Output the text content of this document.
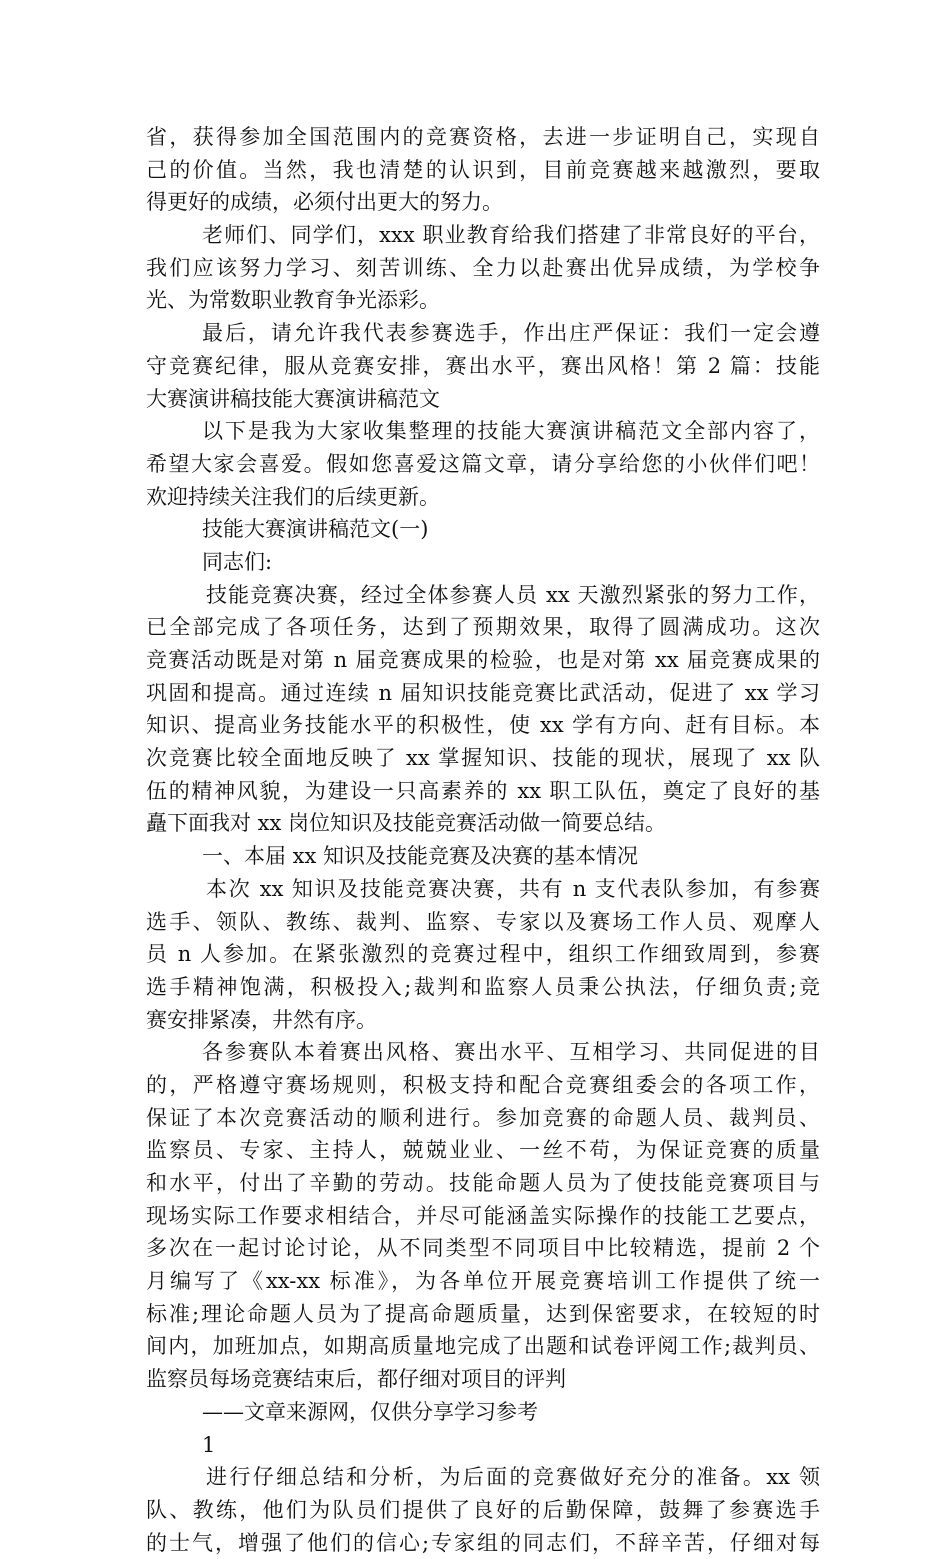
省，获得参加全国范围内的竞赛资格，去进一步证明自己，实现自
己的价值。当然，我也清楚的认识到，目前竞赛越来越激烈，要取
得更好的成绩，必须付出更大的努力。
老师们、同学们，xxx 职业教育给我们搭建了非常良好的平台，
我们应该努力学习、刻苦训练、全力以赴赛出优异成绩，为学校争
光、为常数职业教育争光添彩。
最后，请允许我代表参赛选手，作出庄严保证：我们一定会遵
守竞赛纪律，服从竞赛安排，赛出水平，赛出风格！第 2 篇：技能
大赛演讲稿技能大赛演讲稿范文
以下是我为大家收集整理的技能大赛演讲稿范文全部内容了，
希望大家会喜爱。假如您喜爱这篇文章，请分享给您的小伙伴们吧！
欢迎持续关注我们的后续更新。
技能大赛演讲稿范文(一)
同志们:
技能竞赛决赛，经过全体参赛人员 xx 天激烈紧张的努力工作，
已全部完成了各项任务，达到了预期效果，取得了圆满成功。这次
竞赛活动既是对第 n 届竞赛成果的检验，也是对第 xx 届竞赛成果的
巩固和提高。通过连续 n 届知识技能竞赛比武活动，促进了 xx 学习
知识、提高业务技能水平的积极性，使 xx 学有方向、赶有目标。本
次竞赛比较全面地反映了 xx 掌握知识、技能的现状，展现了 xx 队
伍的精神风貌，为建设一只高素养的 xx 职工队伍，奠定了良好的基
矗下面我对 xx 岗位知识及技能竞赛活动做一简要总结。
一、本届 xx 知识及技能竞赛及决赛的基本情况
本次 xx 知识及技能竞赛决赛，共有 n 支代表队参加，有参赛
选手、领队、教练、裁判、监察、专家以及赛场工作人员、观摩人
员 n 人参加。在紧张激烈的竞赛过程中，组织工作细致周到，参赛
选手精神饱满，积极投入;裁判和监察人员秉公执法，仔细负责;竞
赛安排紧凑，井然有序。
各参赛队本着赛出风格、赛出水平、互相学习、共同促进的目
的，严格遵守赛场规则，积极支持和配合竞赛组委会的各项工作，
保证了本次竞赛活动的顺利进行。参加竞赛的命题人员、裁判员、
监察员、专家、主持人，兢兢业业、一丝不苟，为保证竞赛的质量
和水平，付出了辛勤的劳动。技能命题人员为了使技能竞赛项目与
现场实际工作要求相结合，并尽可能涵盖实际操作的技能工艺要点，
多次在一起讨论讨论，从不同类型不同项目中比较精选，提前 2 个
月编写了《xx-xx 标准》，为各单位开展竞赛培训工作提供了统一
标准;理论命题人员为了提高命题质量，达到保密要求，在较短的时
间内，加班加点，如期高质量地完成了出题和试卷评阅工作;裁判员、
监察员每场竞赛结束后，都仔细对项目的评判
——文章来源网，仅供分享学习参考
1
进行仔细总结和分析，为后面的竞赛做好充分的准备。xx 领
队、教练，他们为队员们提供了良好的后勤保障，鼓舞了参赛选手
的士气，增强了他们的信心;专家组的同志们，不辞辛苦，仔细对每
